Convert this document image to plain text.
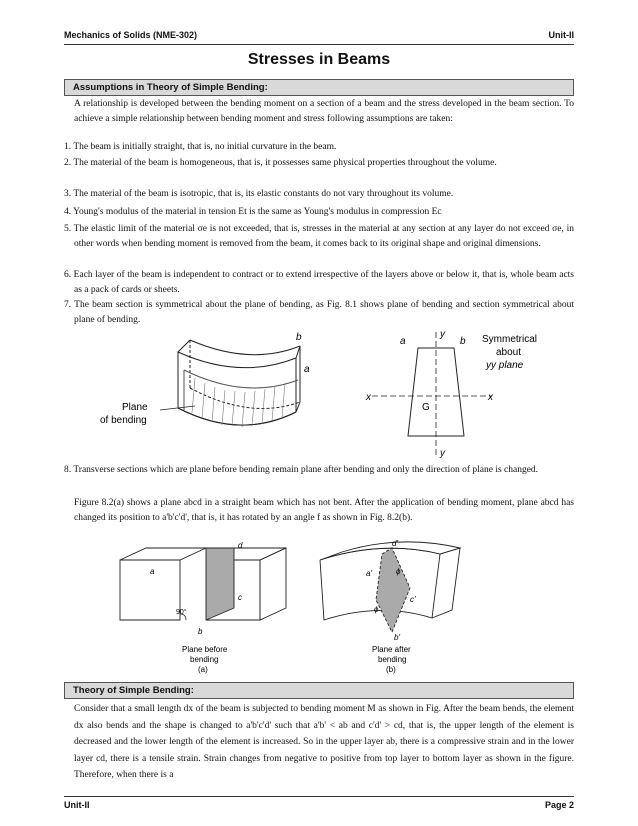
Mechanics of Solids (NME-302)	Unit-II
Stresses in Beams
Assumptions in Theory of Simple Bending:
A relationship is developed between the bending moment on a section of a beam and the stress developed in the beam section. To achieve a simple relationship between bending moment and stress following assumptions are taken:
1. The beam is initially straight, that is, no initial curvature in the beam.
2. The material of the beam is homogeneous, that is, it possesses same physical properties throughout the volume.
3. The material of the beam is isotropic, that is, its elastic constants do not vary throughout its volume.
4. Young's modulus of the material in tension Et is the same as Young's modulus in compression Ec
5. The elastic limit of the material σe is not exceeded, that is, stresses in the material at any section at any layer do not exceed σe, in other words when bending moment is removed from the beam, it comes back to its original shape and original dimensions.
6. Each layer of the beam is independent to contract or to extend irrespective of the layers above or below it, that is, whole beam acts as a pack of cards or sheets.
7. The beam section is symmetrical about the plane of bending, as Fig. 8.1 shows plane of bending and section symmetrical about plane of bending.
b
a
Plane
of bending
y
y
a	b
x	x
G
Symmetrical
about
yy plane
8. Transverse sections which are plane before bending remain plane after bending and only the direction of plane is changed.
Figure 8.2(a) shows a plane abcd in a straight beam which has not bent. After the application of bending moment, plane abcd has changed its position to a'b'c'd', that is, it has rotated by an angle f as shown in Fig. 8.2(b).
d
a
c
b
90°
Plane before
bending
(a)
d'
a'
c'
b'
ϕ
ϕ
Plane after
bending
(b)
Theory of Simple Bending:
Consider that a small length dx of the beam is subjected to bending moment M as shown in Fig. After the beam bends, the element dx also bends and the shape is changed to a'b'c'd' such that a'b' < ab and c'd' > cd, that is, the upper length of the element is decreased and the lower length of the element is increased. So in the upper layer ab, there is a compressive strain and in the lower layer cd, there is a tensile strain. Strain changes from negative to positive from top layer to bottom layer as shown in the figure. Therefore, when there is a
Unit-II	Page 2
